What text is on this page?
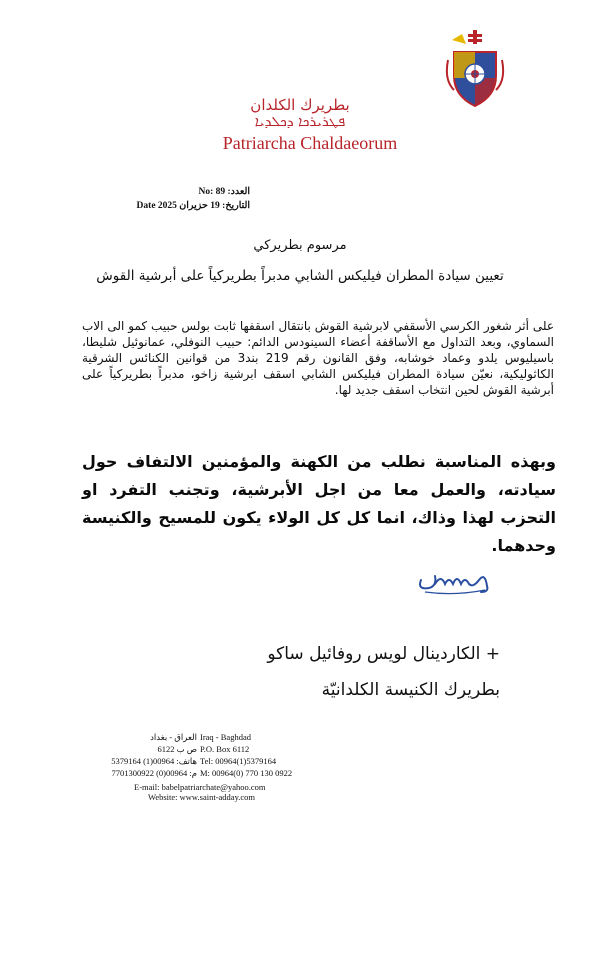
بطريرك الكلدان
ܦܛܪܝܪܟܐ ܕܟܠܕܝܐ
Patriarcha Chaldaeorum
العدد: 89 :No
التاريخ: 19 حزيران 2025 Date
مرسوم بطريركي
تعيين سيادة المطران فيليكس الشابي مدبراً بطريركياً على أبرشية القوش
على أثر شغور الكرسي الأسقفي لابرشية القوش بانتقال اسقفها ثابت بولس حبيب كمو الى الاب السماوي، وبعد التداول مع الأساقفة أعضاء السينودس الدائم: حبيب النوفلي، عمانوئيل شليطا، باسيليوس يلدو وعماد خوشابه، وفق القانون رقم 219 بند3 من قوانين الكنائس الشرقية الكاثوليكية، نعيّن سيادة المطران فيليكس الشابي اسقف ابرشية زاخو، مدبراً بطريركياً على أبرشية القوش لحين انتخاب اسقف جديد لها.
وبهذه المناسبة نطلب من الكهنة والمؤمنين الالتفاف حول سيادته، والعمل معا من اجل الأبرشية، وتجنب التفرد او التحزب لهذا وذاك، انما كل كل الولاء يكون للمسيح والكنيسة وحدهما.
+ الكاردينال لويس روفائيل ساكو
بطريرك الكنيسة الكلدانيّة
Iraq - Baghdad
P.O. Box 6112
Tel: 00964(1)5379164
M: 00964(0) 770 130 0922
العراق - بغداد
ص ب 6122
هاتف: 00964(1) 5379164
م: 00964(0) 7701300922
E-mail: babelpatriarchate@yahoo.com
Website: www.saint-adday.com
